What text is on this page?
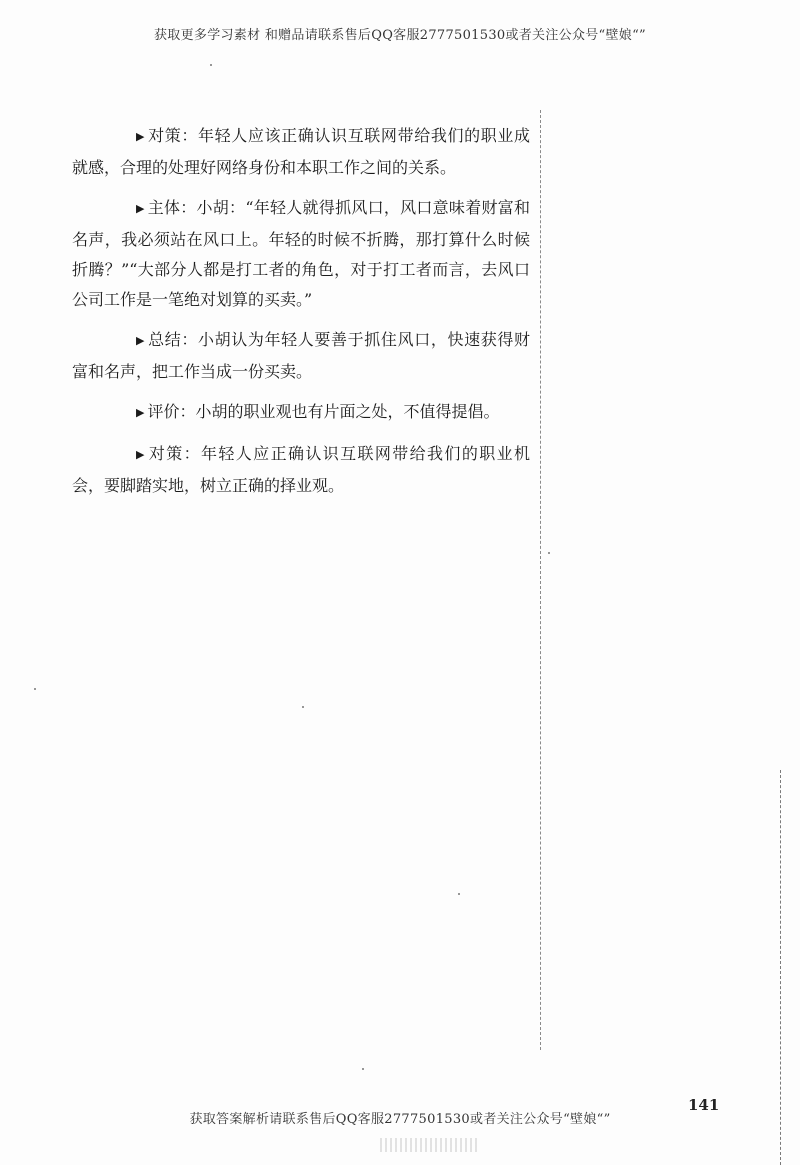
获取更多学习素材 和赠品请联系售后QQ客服2777501530或者关注公众号“壁娘“”

▶ 对策：年轻人应该正确认识互联网带给我们的职业成就感，合理的处理好网络身份和本职工作之间的关系。

▶ 主体：小胡：“年轻人就得抓风口，风口意味着财富和名声，我必须站在风口上。年轻的时候不折腾，那打算什么时候折腾？”“大部分人都是打工者的角色，对于打工者而言，去风口公司工作是一笔绝对划算的买卖。”

▶ 总结：小胡认为年轻人要善于抓住风口，快速获得财富和名声，把工作当成一份买卖。

▶ 评价：小胡的职业观也有片面之处，不值得提倡。

▶ 对策：年轻人应正确认识互联网带给我们的职业机会，要脚踏实地，树立正确的择业观。

141
获取答案解析请联系售后QQ客服2777501530或者关注公众号“壁娘“”
